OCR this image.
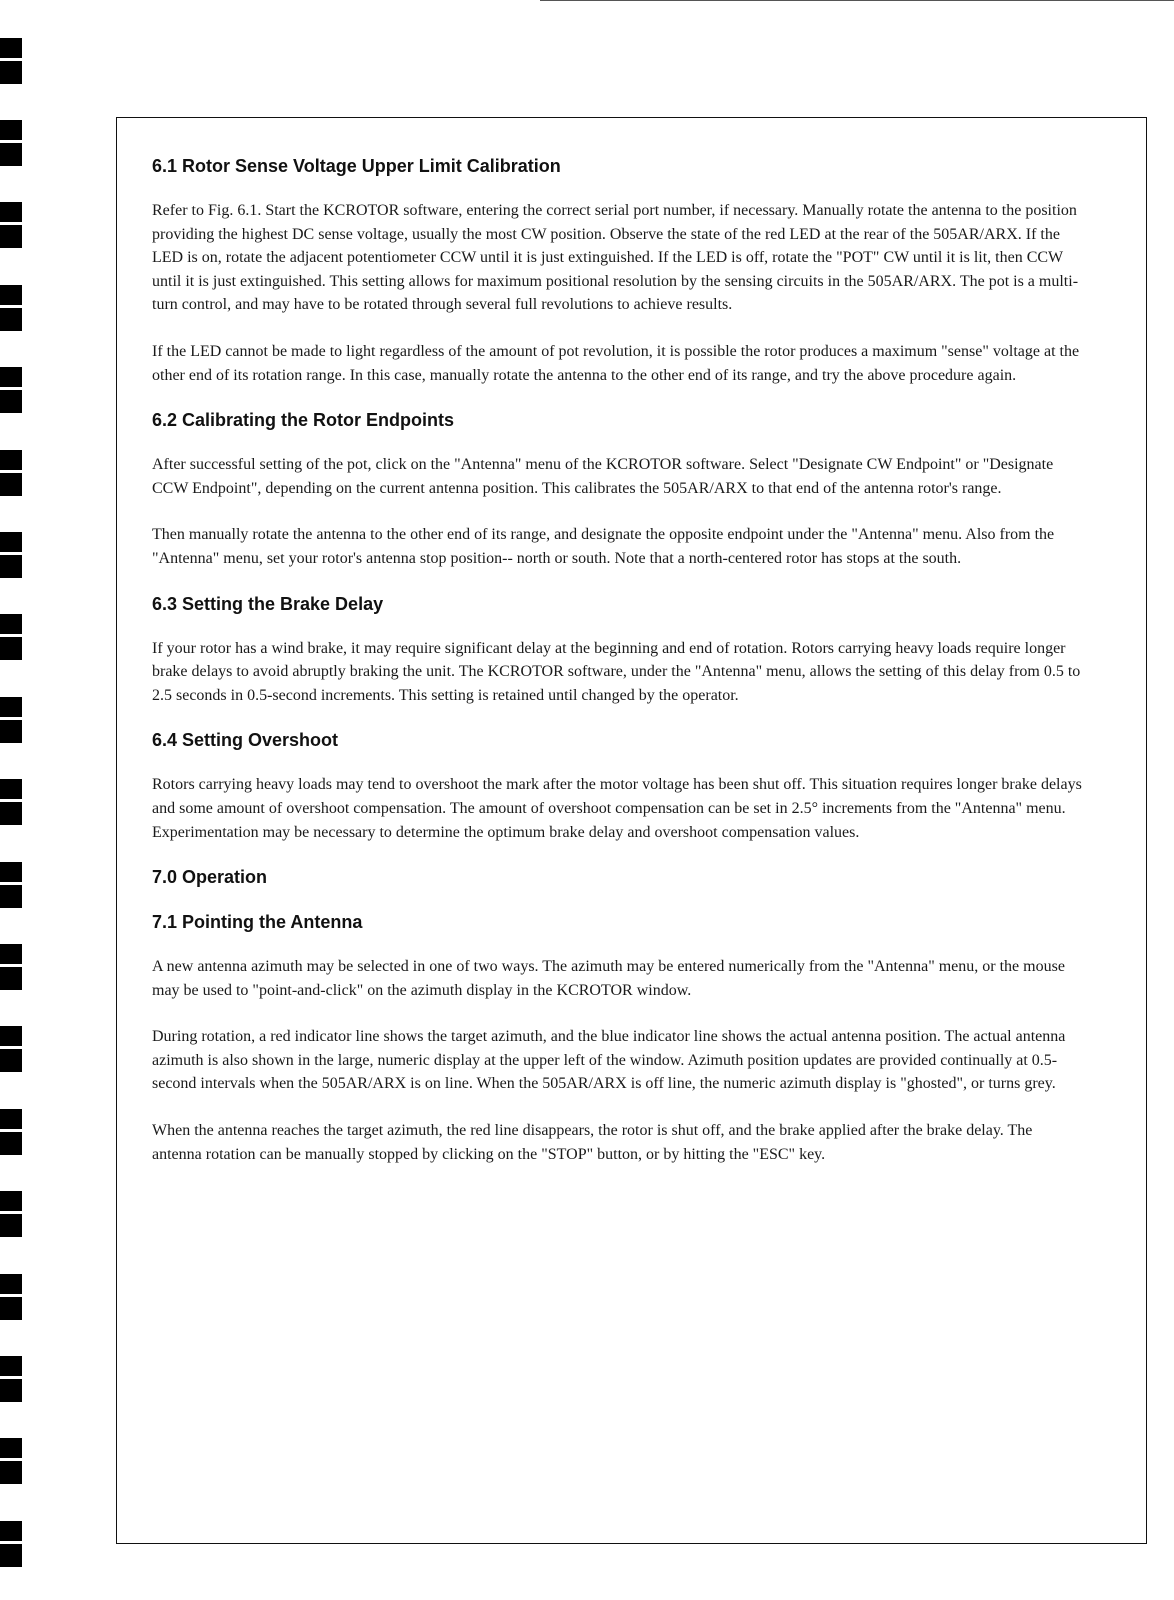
6.1 Rotor Sense Voltage Upper Limit Calibration

Refer to Fig. 6.1. Start the KCROTOR software, entering the correct serial port number, if necessary. Manually rotate the antenna to the position providing the highest DC sense voltage, usually the most CW position. Observe the state of the red LED at the rear of the 505AR/ARX. If the LED is on, rotate the adjacent potentiometer CCW until it is just extinguished. If the LED is off, rotate the "POT" CW until it is lit, then CCW until it is just extinguished. This setting allows for maximum positional resolution by the sensing circuits in the 505AR/ARX. The pot is a multi-turn control, and may have to be rotated through several full revolutions to achieve results.

If the LED cannot be made to light regardless of the amount of pot revolution, it is possible the rotor produces a maximum "sense" voltage at the other end of its rotation range. In this case, manually rotate the antenna to the other end of its range, and try the above procedure again.

6.2 Calibrating the Rotor Endpoints

After successful setting of the pot, click on the "Antenna" menu of the KCROTOR software. Select "Designate CW Endpoint" or "Designate CCW Endpoint", depending on the current antenna position. This calibrates the 505AR/ARX to that end of the antenna rotor's range.

Then manually rotate the antenna to the other end of its range, and designate the opposite endpoint under the "Antenna" menu. Also from the "Antenna" menu, set your rotor's antenna stop position-- north or south. Note that a north-centered rotor has stops at the south.

6.3 Setting the Brake Delay

If your rotor has a wind brake, it may require significant delay at the beginning and end of rotation. Rotors carrying heavy loads require longer brake delays to avoid abruptly braking the unit. The KCROTOR software, under the "Antenna" menu, allows the setting of this delay from 0.5 to 2.5 seconds in 0.5-second increments. This setting is retained until changed by the operator.

6.4 Setting Overshoot

Rotors carrying heavy loads may tend to overshoot the mark after the motor voltage has been shut off. This situation requires longer brake delays and some amount of overshoot compensation. The amount of overshoot compensation can be set in 2.5° increments from the "Antenna" menu. Experimentation may be necessary to determine the optimum brake delay and overshoot compensation values.

7.0 Operation
7.1 Pointing the Antenna

A new antenna azimuth may be selected in one of two ways. The azimuth may be entered numerically from the "Antenna" menu, or the mouse may be used to "point-and-click" on the azimuth display in the KCROTOR window.

During rotation, a red indicator line shows the target azimuth, and the blue indicator line shows the actual antenna position. The actual antenna azimuth is also shown in the large, numeric display at the upper left of the window. Azimuth position updates are provided continually at 0.5-second intervals when the 505AR/ARX is on line. When the 505AR/ARX is off line, the numeric azimuth display is "ghosted", or turns grey.

When the antenna reaches the target azimuth, the red line disappears, the rotor is shut off, and the brake applied after the brake delay. The antenna rotation can be manually stopped by clicking on the "STOP" button, or by hitting the "ESC" key.
